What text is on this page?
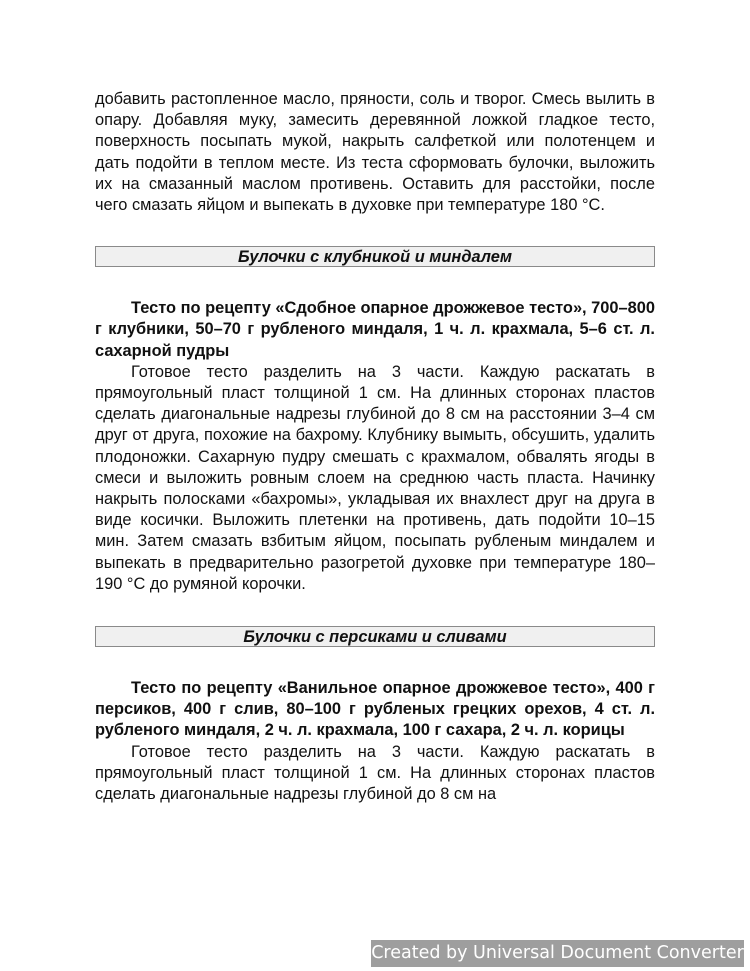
добавить растопленное масло, пряности, соль и творог. Смесь вылить в опару. Добавляя муку, замесить деревянной ложкой гладкое тесто, поверхность посыпать мукой, накрыть салфеткой или полотенцем и дать подойти в теплом месте. Из теста сформовать булочки, выложить их на смазанный маслом противень. Оставить для расстойки, после чего смазать яйцом и выпекать в духовке при температуре 180 °С.

Булочки с клубникой и миндалем

Тесто по рецепту «Сдобное опарное дрожжевое тесто», 700–800 г клубники, 50–70 г рубленого миндаля, 1 ч. л. крахмала, 5–6 ст. л. сахарной пудры

Готовое тесто разделить на 3 части. Каждую раскатать в прямоугольный пласт толщиной 1 см. На длинных сторонах пластов сделать диагональные надрезы глубиной до 8 см на расстоянии 3–4 см друг от друга, похожие на бахрому. Клубнику вымыть, обсушить, удалить плодоножки. Сахарную пудру смешать с крахмалом, обвалять ягоды в смеси и выложить ровным слоем на среднюю часть пласта. Начинку накрыть полосками «бахромы», укладывая их внахлест друг на друга в виде косички. Выложить плетенки на противень, дать подойти 10–15 мин. Затем смазать взбитым яйцом, посыпать рубленым миндалем и выпекать в предварительно разогретой духовке при температуре 180–190 °С до румяной корочки.

Булочки с персиками и сливами

Тесто по рецепту «Ванильное опарное дрожжевое тесто», 400 г персиков, 400 г слив, 80–100 г рубленых грецких орехов, 4 ст. л. рубленого миндаля, 2 ч. л. крахмала, 100 г сахара, 2 ч. л. корицы

Готовое тесто разделить на 3 части. Каждую раскатать в прямоугольный пласт толщиной 1 см. На длинных сторонах пластов сделать диагональные надрезы глубиной до 8 см на

Created by Universal Document Converter
